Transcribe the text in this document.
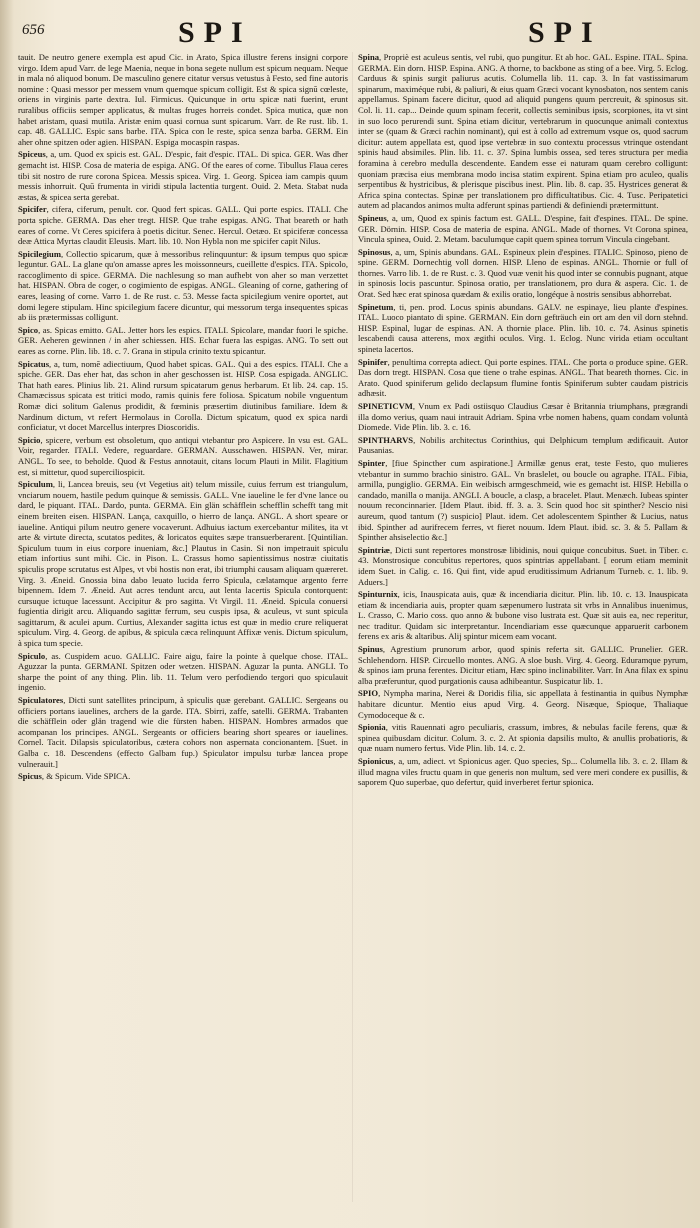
656	SPI	SPI

tauit. De neutro genere exempla est apud Cic. in Arato, Spica illustre ferens insigni corpore virgo. Idem apud Varr. de lege Maenia, neque in bona segete nullum est spicum nequam. Neque in mala nó aliquod bonum. De masculino genere citatur versus vetustus à Festo, sed fine autoris nomine : Quasi messor per messem vnum quemque spicum colligit. Est & spica signū cœleste, oriens in virginis parte dextra. Iul. Firmicus. Quicunque in ortu spicæ nati fuerint, erunt ruralibus officiis semper applicatus, & multas fruges horreis condet. Spica mutica, quæ non habet aristam, quasi mutila. Aristæ enim quasi cornua sunt spicarum. Varr. de Re rust. lib. 1. cap. 48. GALLIC. Espic sans barbe. ITA. Spica con le reste, spica senza barba. GERM. Ein aher ohne spitzen oder agien. HISPAN. Espiga mocaspin raspas.

Spiceus, a, um. Quod ex spicis est. GAL. D'espic, fait d'espic. ITAL. Di spica. GER. Was dher gemacht ist. HISP. Cosa de materia de espiga. ANG. Of the eares of corne. Tibullus Flaua ceres tibi sit nostro de rure corona Spicea. Messis spicea. Virg. 1. Georg. Spicea iam campis quum messis inhorruit. Quū frumenta in viridi stipula lactentia turgent. Ouid. 2. Meta. Stabat nuda æstas, & spicea serta gerebat.

Spicifer, cifera, ciferum, penult. cor. Quod fert spicas. GALL. Qui porte espics. ITALI. Che porta spiche. GERMA. Das eher tregt. HISP. Que trahe espigas. ANG. That beareth or hath eares of corne. Vt Ceres spicifera à poetis dicitur. Senec. Hercul. Oetæo. Et spiciferæ concessa deæ Attica Myrtas claudit Eleusis. Mart. lib. 10. Non Hybla non me spicifer capit Nilus.

Spicilegium, Collectio spicarum, quæ à messoribus relinquuntur: & ipsum tempus quo spicæ leguntur. GAL. La glane qu'on amasse apres les moissonneurs, cueillette d'espics. ITA. Spicolo, raccoglimento di spice. GERMA. Die nachlesung so man aufhebt von aher so man verzettet hat. HISPAN. Obra de coger, o cogimiento de espigas. ANGL. Gleaning of corne, gathering of eares, leasing of corne. Varro 1. de Re rust. c. 53. Messe facta spicilegium venire oportet, aut domi legere stipulam. Hinc spicilegium facere dicuntur, qui messorum terga insequentes spicas ab iis prætermissas colligunt.

Spico, as. Spicas emitto. GAL. Jetter hors les espics. ITALI. Spicolare, mandar fuori le spiche. GER. Aeheren gewinnen / in aher schiessen. HIS. Echar fuera las espigas. ANG. To sett out eares as corne. Plin. lib. 18. c. 7. Grana in stipula crinito textu spicantur.

Spicatus, a, tum, nomē adiectiuum, Quod habet spicas. GAL. Qui a des espics. ITALI. Che a spiche. GER. Das eher hat, das schon in aher geschossen ist. HISP. Cosa espigada. ANGLIC. That hath eares. Plinius lib. 21. Alind rursum spicatarum genus herbarum. Et lib. 24. cap. 15. Chamæcissus spicata est tritici modo, ramis quinis fere foliosa. Spicatum nobile vnguentum Romæ dici solitum Galenus prodidit, & fœminis præsertim diutinibus familiare. Idem & Nardinum dictum, vt refert Hermolaus in Corolla. Dictum spicatum, quod ex spica nardi conficiatur, vt docet Marcellus interpres Dioscoridis.

Spicio, spicere, verbum est obsoletum, quo antiqui vtebantur pro Aspicere. In vsu est. GAL. Voir, regarder. ITALI. Vedere, reguardare. GERMAN. Ausschawen. HISPAN. Ver, mirar. ANGL. To see, to beholde. Quod & Festus annotauit, citans locum Plauti in Milit. Flagitium est, si mittetur, quod superciliospicit.

Spiculum, li, Lancea breuis, seu (vt Vegetius ait) telum missile, cuius ferrum est triangulum, vnciarum nouem, hastile pedum quinque & semissis. GALL. Vne iaueline le fer d'vne lance ou dard, le piquant. ITAL. Dardo, punta. GERMA. Ein glän schäfflein schefflin schefft tang mit einem breiten eisen. HISPAN. Lança, caxquillo, o hierro de lança. ANGL. A short speare or iaueline. Antiqui pilum neutro genere vocaverunt. Adhuius iactum exercebantur milites, ita vt arte & virtute directa, scutatos pedites, & loricatos equites sæpe transuerberarent. [Quintilian. Spiculum tuum in eius corpore inueniam, &c.] Plautus in Casin. Si non impetrauit spiculu etiam infortius sunt mihi. Cic. in Pison. L. Crassus homo sapientissimus nostræ ciuitatis spiculis prope scrutatus est Alpes, vt vbi hostis non erat, ibi triumphi causam aliquam quæreret. Virg. 3. Æneid. Gnossia bina dabo leuato lucida ferro Spicula, cælatamque argento ferre bipennem. Idem 7. Æneid. Aut acres tendunt arcu, aut lenta lacertis Spicula contorquent: cursuque ictuque lacessunt. Accipitur & pro sagitta. Vt Virgil. 11. Æneid. Spicula conuersi fugientia dirigit arcu. Aliquando sagittæ ferrum, seu cuspis ipsa, & aculeus, vt sunt spicula sagittarum, & aculei apum. Curtius, Alexander sagitta ictus est quæ in medio crure reliquerat spiculum. Virg. 4. Georg. de apibus, & spicula cæca relinquunt Affixæ venis. Dictum spiculum, à spica tum specie.

Spiculo, as. Cuspidem acuo. GALLIC. Faire aigu, faire la pointe à quelque chose. ITAL. Aguzzar la punta. GERMANI. Spitzen oder wetzen. HISPAN. Aguzar la punta. ANGLI. To sharpe the point of any thing. Plin. lib. 11. Telum vero perfodiendo tergori quo spiculauit ingenio.

Spiculatores, Dicti sunt satellites principum, à spiculis quæ gerebant. GALLIC. Sergeans ou officiers portans iauelines, archers de la garde. ITA. Sbirri, zaffe, satelli. GERMA. Trabanten die schäfflein oder glän tragend wie die fürsten haben. HISPAN. Hombres armados que acompanan los principes. ANGL. Sergeants or officiers bearing short speares or iauelines. Cornel. Tacit. Dilapsis spiculatoribus, cætera cohors non aspernata concionantem. [Suet. in Galba c. 18. Descendens (effecto Galbam fup.) Spiculator impulsu turbæ lancea prope vulnerauit.]

Spicus, & Spicum. Vide SPICA.

Spina, Propriè est aculeus sentis, vel rubi, quo pungitur. Et ab hoc. GAL. Espine. ITAL. Spina. GERMA. Ein dorn. HISP. Espina. ANG. A thorne, to backbone as sting of a bee. Virg. 5. Eclog. Carduus & spinis surgit paliurus acutis. Columella lib. 11. cap. 3. In fat vastissimarum spinarum, maximéque rubi, & paliuri, & eius quam Græci vocant kynosbaton, nos sentem canis appellamus. Spinam facere dicitur, quod ad aliquid pungens quum percreuit, & spinosus sit. Col. li. 11. cap... Deinde quum spinam fecerit, collectis seminibus ipsis, scorpiones, ita vt sint in suo loco perurendi sunt. Spina etiam dicitur, vertebrarum in quocunque animali contextus inter se (quam & Græci rachin nominant), qui est à collo ad extremum vsque os, quod sacrum dicitur: autem appellata est, quod ipse vertebræ in suo contextu processus vtrinque ostendant spinis haud absimiles. Plin. lib. 11. c. 37. Spina lumbis ossea, sed teres structura per media foramina à cerebro medulla descendente. Eandem esse ei naturam quam cerebro colligunt: quoniam præcisa eius membrana modo incisa statim expirent. Spina etiam pro aculeo, qualis serpentibus & hystricibus, & plerisque piscibus inest. Plin. lib. 8. cap. 35. Hystrices generat & Africa spina contectas. Spinæ per translationem pro difficultatibus. Cic. 4. Tusc. Peripatetici autem ad placandos animos multa adferunt spinas partiendi & definiendi prætermittunt.

Spineus, a, um, Quod ex spinis factum est. GALL. D'espine, fait d'espines. ITAL. De spine. GER. Dörnin. HISP. Cosa de materia de espina. ANGL. Made of thornes. Vt Corona spinea, Vincula spinea, Ouid. 2. Metam. baculumque capit quem spinea torrum Vincula cingebant.

Spinosus, a, um, Spinis abundans. GAL. Espineux plein d'espines. ITALIC. Spinoso, pieno de spine. GERM. Dornechtig voll dornen. HISP. Lleno de espinas. ANGL. Thornie or full of thornes. Varro lib. 1. de re Rust. c. 3. Quod vuæ venit his quod inter se connubis pugnant, atque in spinosis locis pascuntur. Spinosa oratio, per translationem, pro dura & aspera. Cic. 1. de Orat. Sed hæc erat spinosa quædam & exilis oratio, longéque à nostris sensibus abhorrebat.

Spinetum, ti, pen. prod. Locus spinis abundans. GALV. ne espinaye, lieu plante d'espines. ITAL. Luoco piantato di spine. GERMAN. Ein dorn gefträuch ein ort am den vil dorn stehnd. HISP. Espinal, lugar de espinas. AN. A thornie place. Plin. lib. 10. c. 74. Asinus spinetis lescabendi causa atterens, mox ægithi oculos. Virg. 1. Eclog. Nunc virida etiam occultant spineta lacertos.

Spinifer, penultima correpta adiect. Qui porte espines. ITAL. Che porta o produce spine. GER. Das dorn tregt. HISPAN. Cosa que tiene o trahe espinas. ANGL. That beareth thornes. Cic. in Arato. Quod spiniferum gelido declapsum flumine fontis Spiniferum subter caudam pistricis adhæsit.

SPINETICVM, Vnum ex Padi ostiisquo Claudius Cæsar è Britannia triumphans, prægrandi illa domo verius, quam naui intrauit Adriam. Spina vrbe nomen habens, quam condam voluntà Diomede. Vide Plin. lib. 3. c. 16.

SPINTHARVS, Nobilis architectus Corinthius, qui Delphicum templum ædificauit. Autor Pausanias.

Spinter, [fiue Spincther cum aspiratione.] Armillæ genus erat, teste Festo, quo mulieres vtebantur in summo brachio sinistro. GAL. Vn braslelet, ou boucle ou agraphe. ITAL. Fibia, armilla, pungiglio. GERMA. Ein weibisch armgeschmeid, wie es gemacht ist. HISP. Hebilla o candado, manilla o manija. ANGLI. A boucle, a clasp, a bracelet. Plaut. Menæch. Iubeas spinter nouum reconcinnarier. [Idem Plaut. ibid. ff. 3. a. 3. Scin quod hoc sit spinther? Nescio nisi aureum, quod tantum (?) suspicio] Plaut. idem. Cet adolescentem Spinther & Lucius, natus ibid. Spinther ad aurifrecem ferres, vt fieret nouum. Idem Plaut. ibid. sc. 3. & 5. Pallam & Spinther ahsiselectio &c.]

Spintriæ, Dicti sunt repertores monstrosæ libidinis, noui quique concubitus. Suet. in Tiber. c. 43. Monstrosique concubitus repertores, quos spintrias appellabant. [ eorum etiam meminit idem Suet. in Calig. c. 16. Qui fint, vide apud eruditissimum Adrianum Turneb. c. 1. lib. 9. Aduers.]

Spinturnix, icis, Inauspicata auis, quæ & incendiaria dicitur. Plin. lib. 10. c. 13. Inauspicata etiam & incendiaria auis, propter quam sæpenumero lustrata sit vrbs in Annalibus inuenimus, L. Crasso, C. Mario coss. quo anno & bubone viso lustrata est. Quæ sit auis ea, nec reperitur, nec traditur. Quidam sic interpretantur. Incendiariam esse quæcunque apparuerit carbonem ferens ex aris & altaribus. Alij spintur micem eam vocant.

Spinus, Agrestium prunorum arbor, quod spinis referta sit. GALLIC. Prunelier. GER. Schlehendorn. HISP. Circuello montes. ANG. A sloe bush. Virg. 4. Georg. Eduramque pyrum, & spinos iam pruna ferentes. Dicitur etiam, Hæc spino inclinabiliter. Varr. In Ana filax ex spinu alba præferuntur, quod purgationis causa adhibeantur. Suspicatur lib. 1.

SPIO, Nympha marina, Nerei & Doridis filia, sic appellata à festinantia in quibus Nymphæ habitare dicuntur. Mentio eius apud Virg. 4. Georg. Nisæque, Spioque, Thaliaque Cymodoceque & c.

Spionia, vitis Rauennati agro peculiaris, crassum, imbres, & nebulas facile ferens, quæ & spinea quibusdam dicitur. Colum. 3. c. 2. At spionia dapsilis multo, & anullis probatioris, & quæ nuam numero fertus. Vide Plin. lib. 14. c. 2.

Spionicus, a, um, adiect. vt Spionicus ager. Quo species, Sp... Columella lib. 3. c. 2. Illam & illud magna viles fructu quam in que generis non multum, sed vere meri condere ex pusillis, & saporem Quo superbae, quo defertur, quid inverberet fertur spionica.
